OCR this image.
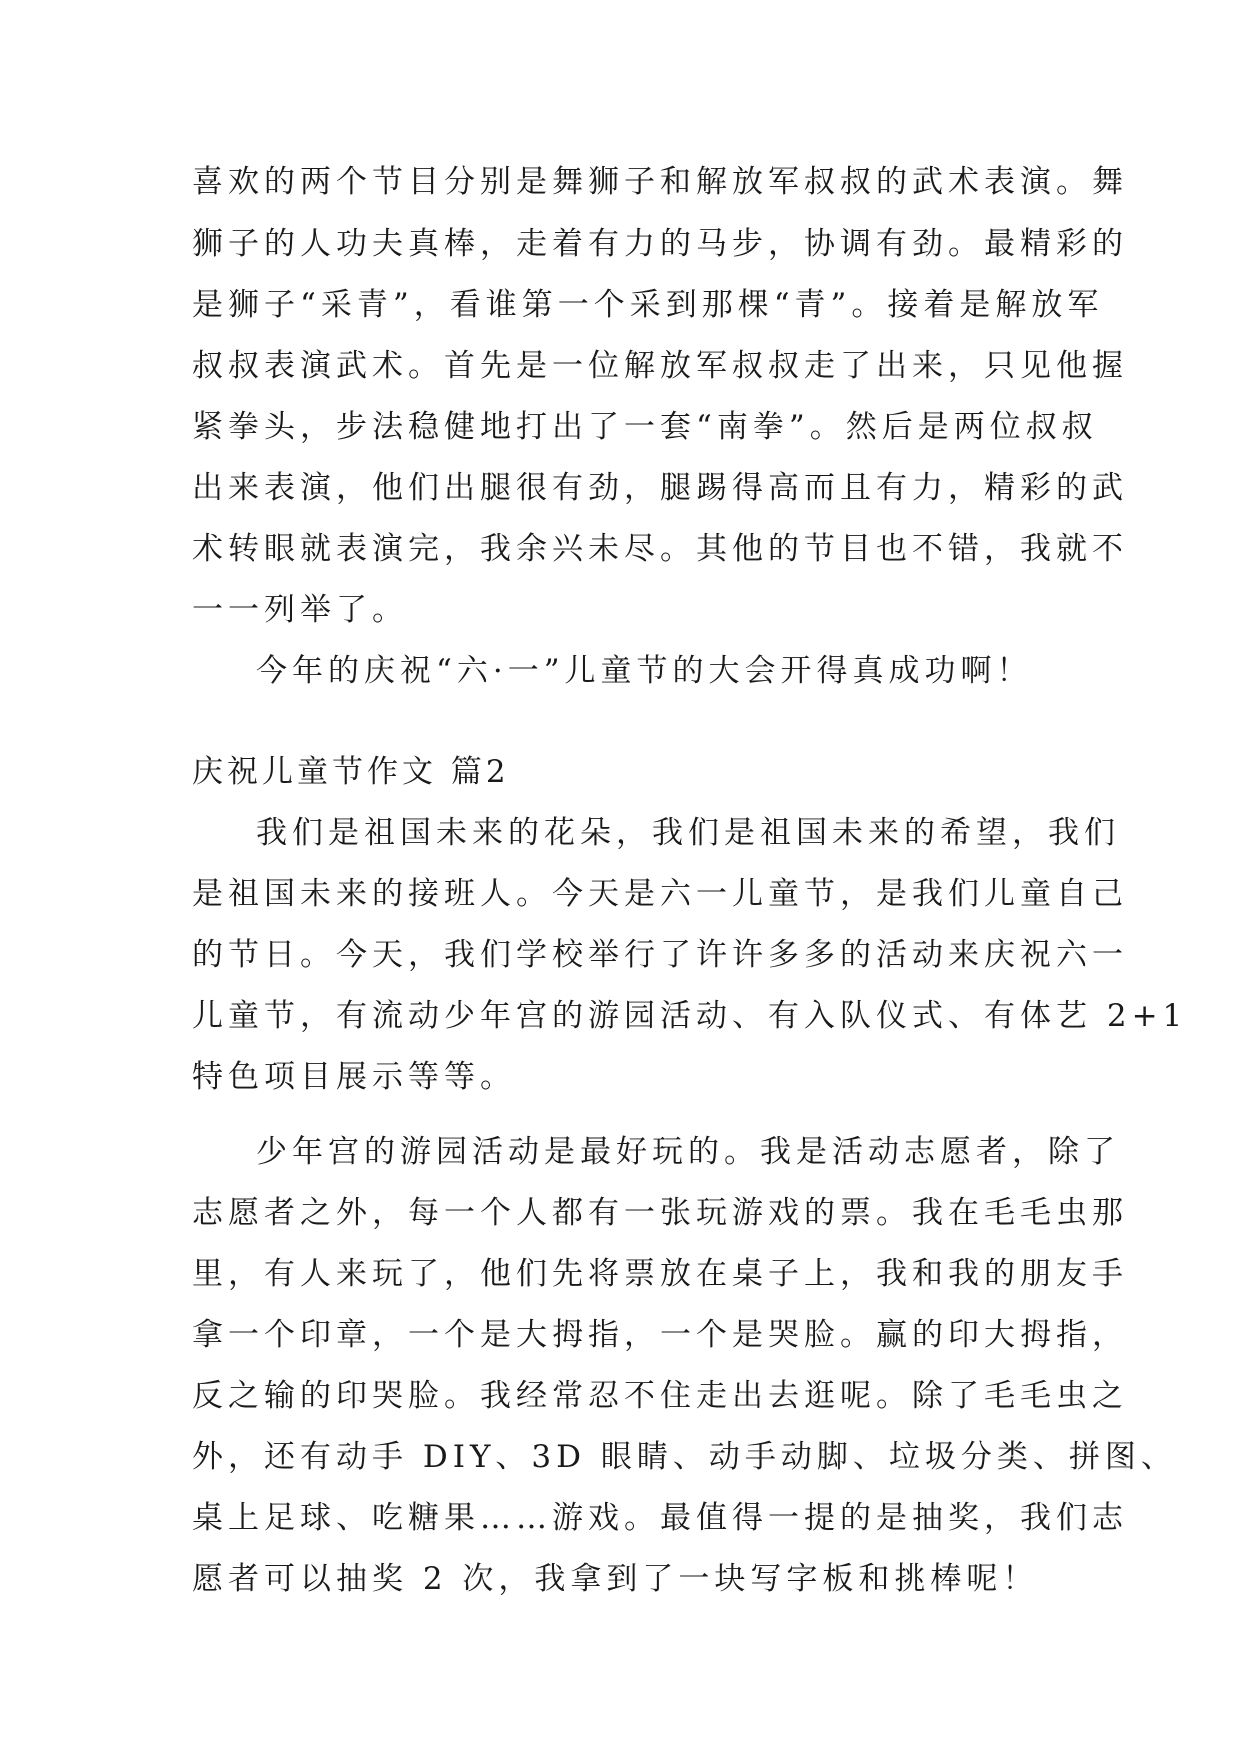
喜欢的两个节目分别是舞狮子和解放军叔叔的武术表演。舞
狮子的人功夫真棒，走着有力的马步，协调有劲。最精彩的
是狮子“采青”，看谁第一个采到那棵“青”。接着是解放军
叔叔表演武术。首先是一位解放军叔叔走了出来，只见他握
紧拳头，步法稳健地打出了一套“南拳”。然后是两位叔叔
出来表演，他们出腿很有劲，腿踢得高而且有力，精彩的武
术转眼就表演完，我余兴未尽。其他的节目也不错，我就不
一一列举了。
今年的庆祝“六·一”儿童节的大会开得真成功啊！
庆祝儿童节作文 篇2
我们是祖国未来的花朵，我们是祖国未来的希望，我们
是祖国未来的接班人。今天是六一儿童节，是我们儿童自己
的节日。今天，我们学校举行了许许多多的活动来庆祝六一
儿童节，有流动少年宫的游园活动、有入队仪式、有体艺 2+1
特色项目展示等等。
少年宫的游园活动是最好玩的。我是活动志愿者，除了
志愿者之外，每一个人都有一张玩游戏的票。我在毛毛虫那
里，有人来玩了，他们先将票放在桌子上，我和我的朋友手
拿一个印章，一个是大拇指，一个是哭脸。赢的印大拇指，
反之输的印哭脸。我经常忍不住走出去逛呢。除了毛毛虫之
外，还有动手 DIY、3D 眼睛、动手动脚、垃圾分类、拼图、
桌上足球、吃糖果……游戏。最值得一提的是抽奖，我们志
愿者可以抽奖 2 次，我拿到了一块写字板和挑棒呢！
